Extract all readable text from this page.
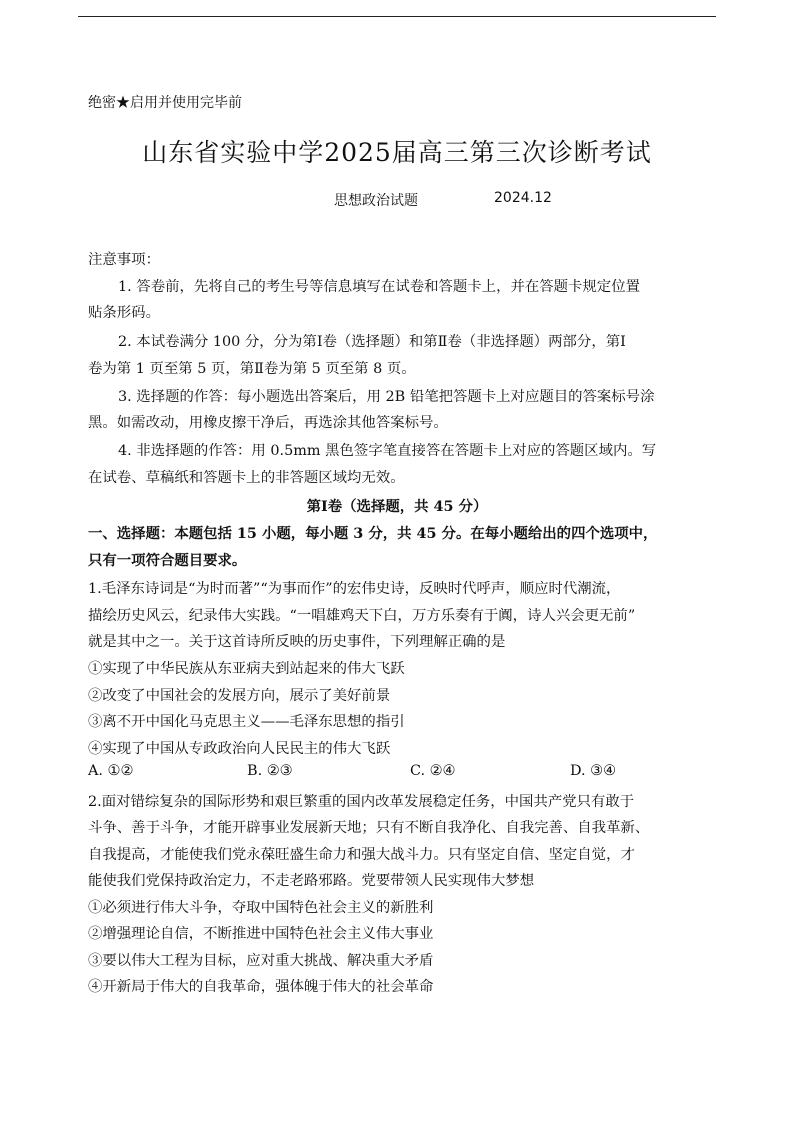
绝密★启用并使用完毕前
山东省实验中学2025届高三第三次诊断考试
思想政治试题	2024.12
注意事项：
1. 答卷前，先将自己的考生号等信息填写在试卷和答题卡上，并在答题卡规定位置
贴条形码。
2. 本试卷满分 100 分，分为第Ⅰ卷（选择题）和第Ⅱ卷（非选择题）两部分，第Ⅰ
卷为第 1 页至第 5 页，第Ⅱ卷为第 5 页至第 8 页。
3. 选择题的作答：每小题选出答案后，用 2B 铅笔把答题卡上对应题目的答案标号涂
黑。如需改动，用橡皮擦干净后，再选涂其他答案标号。
4. 非选择题的作答：用 0.5mm 黑色签字笔直接答在答题卡上对应的答题区域内。写
在试卷、草稿纸和答题卡上的非答题区域均无效。
第Ⅰ卷（选择题，共 45 分）
一、选择题：本题包括 15 小题，每小题 3 分，共 45 分。在每小题给出的四个选项中，
只有一项符合题目要求。
1.毛泽东诗词是“为时而著”“为事而作”的宏伟史诗，反映时代呼声，顺应时代潮流，
描绘历史风云，纪录伟大实践。“一唱雄鸡天下白，万方乐奏有于阗，诗人兴会更无前”
就是其中之一。关于这首诗所反映的历史事件，下列理解正确的是
①实现了中华民族从东亚病夫到站起来的伟大飞跃
②改变了中国社会的发展方向，展示了美好前景
③离不开中国化马克思主义——毛泽东思想的指引
④实现了中国从专政政治向人民民主的伟大飞跃
A. ①②	B. ②③	C. ②④	D. ③④
2.面对错综复杂的国际形势和艰巨繁重的国内改革发展稳定任务，中国共产党只有敢于
斗争、善于斗争，才能开辟事业发展新天地；只有不断自我净化、自我完善、自我革新、
自我提高，才能使我们党永葆旺盛生命力和强大战斗力。只有坚定自信、坚定自觉，才
能使我们党保持政治定力，不走老路邪路。党要带领人民实现伟大梦想
①必须进行伟大斗争，夺取中国特色社会主义的新胜利
②增强理论自信，不断推进中国特色社会主义伟大事业
③要以伟大工程为目标，应对重大挑战、解决重大矛盾
④开新局于伟大的自我革命，强体魄于伟大的社会革命
